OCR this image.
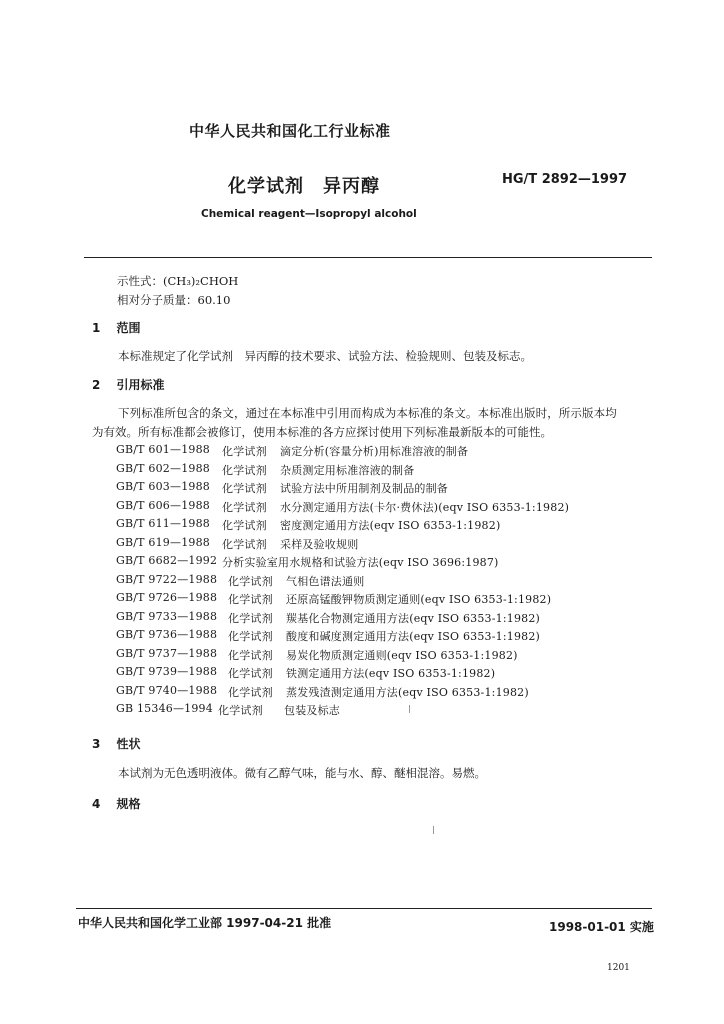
中华人民共和国化工行业标准
化学试剂　异丙醇	HG/T 2892—1997
Chemical reagent—Isopropyl alcohol
示性式：(CH₃)₂CHOH
相对分子质量：60.10
1 范围
本标准规定了化学试剂　异丙醇的技术要求、试验方法、检验规则、包装及标志。
2 引用标准
下列标准所包含的条文，通过在本标准中引用而构成为本标准的条文。本标准出版时，所示版本均
为有效。所有标准都会被修订，使用本标准的各方应探讨使用下列标准最新版本的可能性。
GB/T 601—1988 化学试剂 滴定分析(容量分析)用标准溶液的制备
GB/T 602—1988 化学试剂 杂质测定用标准溶液的制备
GB/T 603—1988 化学试剂 试验方法中所用制剂及制品的制备
GB/T 606—1988 化学试剂 水分测定通用方法(卡尔·费休法)(eqv ISO 6353-1:1982)
GB/T 611—1988 化学试剂 密度测定通用方法(eqv ISO 6353-1:1982)
GB/T 619—1988 化学试剂 采样及验收规则
GB/T 6682—1992 分析实验室用水规格和试验方法(eqv ISO 3696:1987)
GB/T 9722—1988 化学试剂 气相色谱法通则
GB/T 9726—1988 化学试剂 还原高锰酸钾物质测定通则(eqv ISO 6353-1:1982)
GB/T 9733—1988 化学试剂 羰基化合物测定通用方法(eqv ISO 6353-1:1982)
GB/T 9736—1988 化学试剂 酸度和碱度测定通用方法(eqv ISO 6353-1:1982)
GB/T 9737—1988 化学试剂 易炭化物质测定通则(eqv ISO 6353-1:1982)
GB/T 9739—1988 化学试剂 铁测定通用方法(eqv ISO 6353-1:1982)
GB/T 9740—1988 化学试剂 蒸发残渣测定通用方法(eqv ISO 6353-1:1982)
GB 15346—1994 化学试剂 包装及标志
3 性状
本试剂为无色透明液体。微有乙醇气味，能与水、醇、醚相混溶。易燃。
4 规格
中华人民共和国化学工业部 1997-04-21 批准	1998-01-01 实施
1201
